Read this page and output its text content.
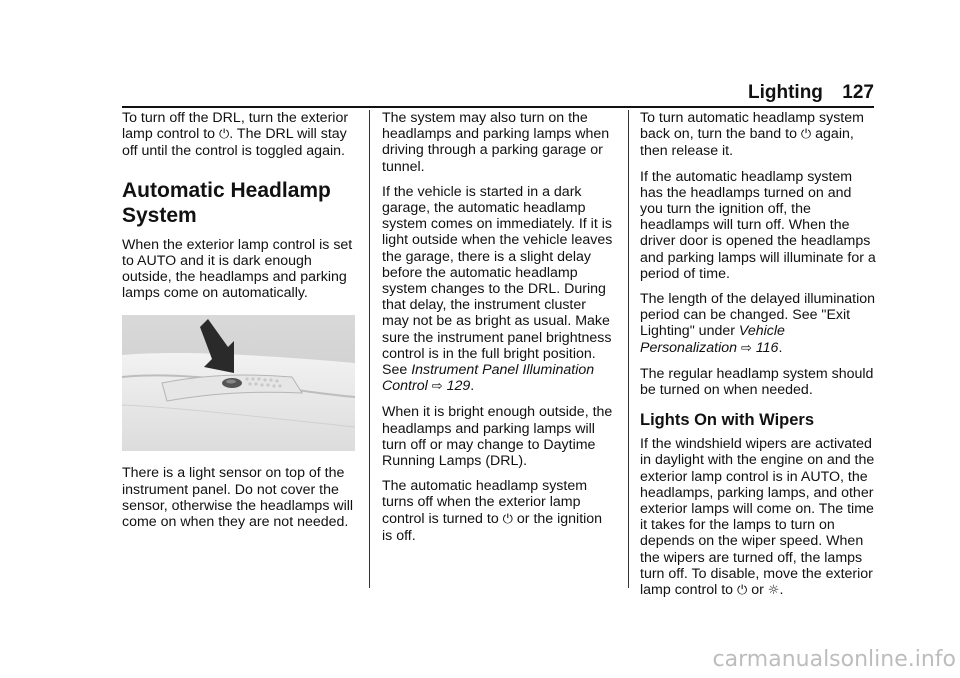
Lighting 127

To turn off the DRL, turn the exterior lamp control to ⏻. The DRL will stay off until the control is toggled again.

Automatic Headlamp System

When the exterior lamp control is set to AUTO and it is dark enough outside, the headlamps and parking lamps come on automatically.

There is a light sensor on top of the instrument panel. Do not cover the sensor, otherwise the headlamps will come on when they are not needed.

The system may also turn on the headlamps and parking lamps when driving through a parking garage or tunnel.

If the vehicle is started in a dark garage, the automatic headlamp system comes on immediately. If it is light outside when the vehicle leaves the garage, there is a slight delay before the automatic headlamp system changes to the DRL. During that delay, the instrument cluster may not be as bright as usual. Make sure the instrument panel brightness control is in the full bright position. See Instrument Panel Illumination Control ⇨ 129.

When it is bright enough outside, the headlamps and parking lamps will turn off or may change to Daytime Running Lamps (DRL).

The automatic headlamp system turns off when the exterior lamp control is turned to ⏻ or the ignition is off.

To turn automatic headlamp system back on, turn the band to ⏻ again, then release it.

If the automatic headlamp system has the headlamps turned on and you turn the ignition off, the headlamps will turn off. When the driver door is opened the headlamps and parking lamps will illuminate for a period of time.

The length of the delayed illumination period can be changed. See "Exit Lighting" under Vehicle Personalization ⇨ 116.

The regular headlamp system should be turned on when needed.

Lights On with Wipers

If the windshield wipers are activated in daylight with the engine on and the exterior lamp control is in AUTO, the headlamps, parking lamps, and other exterior lamps will come on. The time it takes for the lamps to turn on depends on the wiper speed. When the wipers are turned off, the lamps turn off. To disable, move the exterior lamp control to ⏻ or ☼.

carmanualsonline.info
